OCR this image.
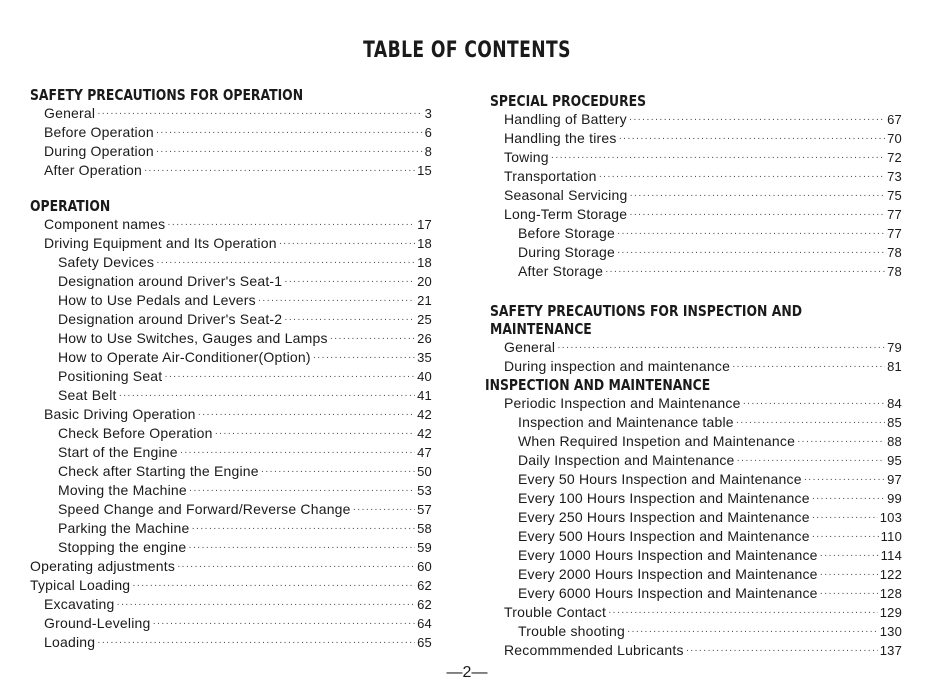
TABLE OF CONTENTS
SAFETY PRECAUTIONS FOR OPERATION
General ·····	3
Before Operation ·····	6
During Operation ·····	8
After Operation ·····	15
OPERATION
Component names ·····	17
Driving Equipment and Its Operation ·····	18
Safety Devices ·····	18
Designation around Driver's Seat-1 ·····	20
How to Use Pedals and Levers ·····	21
Designation around Driver's Seat-2 ·····	25
How to Use Switches, Gauges and Lamps ·····	26
How to Operate Air-Conditioner(Option) ·····	35
Positioning Seat ·····	40
Seat Belt ·····	41
Basic Driving Operation ·····	42
Check Before Operation ·····	42
Start of the Engine ·····	47
Check after Starting the Engine ·····	50
Moving the Machine ·····	53
Speed Change and Forward/Reverse Change ·····	57
Parking the Machine ·····	58
Stopping the engine ·····	59
Operating adjustments ·····	60
Typical Loading ·····	62
Excavating ·····	62
Ground-Leveling ·····	64
Loading ·····	65
SPECIAL PROCEDURES
Handling of Battery ·····	67
Handling the tires ·····	70
Towing ·····	72
Transportation ·····	73
Seasonal Servicing ·····	75
Long-Term Storage ·····	77
Before Storage ·····	77
During Storage ·····	78
After Storage ·····	78
SAFETY PRECAUTIONS FOR INSPECTION AND
MAINTENANCE
General ·····	79
During inspection and maintenance ·····	81
INSPECTION AND MAINTENANCE
Periodic Inspection and Maintenance ·····	84
Inspection and Maintenance table ·····	85
When Required Inspetion and Maintenance ·····	88
Daily Inspection and Maintenance ·····	95
Every 50 Hours Inspection and Maintenance ·····	97
Every 100 Hours Inspection and Maintenance ·····	99
Every 250 Hours Inspection and Maintenance ·····	103
Every 500 Hours Inspection and Maintenance ·····	110
Every 1000 Hours Inspection and Maintenance ·····	114
Every 2000 Hours Inspection and Maintenance ·····	122
Every 6000 Hours Inspection and Maintenance ·····	128
Trouble Contact ·····	129
Trouble shooting ·····	130
Recommmended Lubricants ·····	137
—2—
